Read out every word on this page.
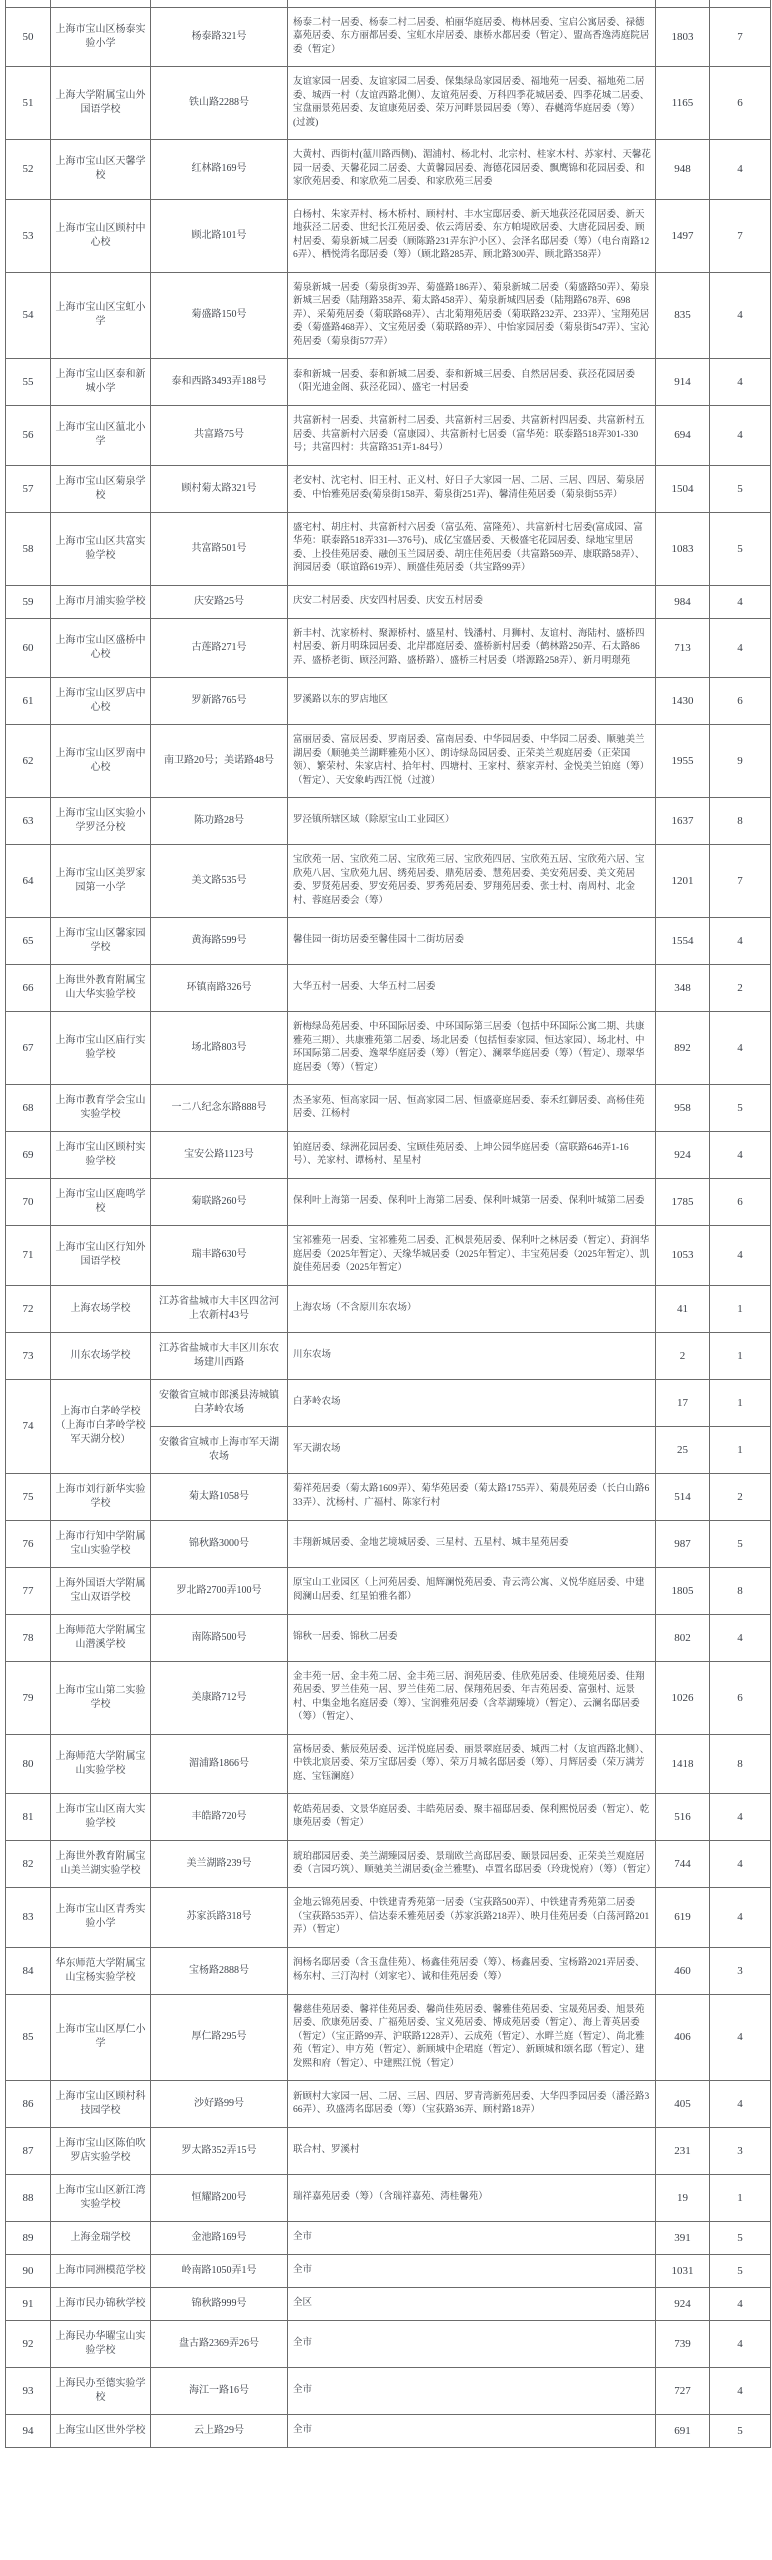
50	上海市宝山区杨泰实验小学	杨泰路321号	杨泰二村一居委、杨泰二村二居委、柏丽华庭居委、梅林居委、宝启公寓居委、禄德嘉苑居委、东方丽都居委、宝虹水岸居委、康桥水都居委（暂定）、盟高香逸湾庭院居委（暂定）	1803	7
51	上海大学附属宝山外国语学校	铁山路2288号	友谊家园一居委、友谊家园二居委、保集绿岛家园居委、福地苑一居委、福地苑二居委、城西一村（友谊西路北侧）、友谊苑居委、万科四季花城居委、四季花城二居委、宝盘丽景苑居委、友谊康苑居委、荣万河畔景园居委（筹）、春樾湾华庭居委（筹）(过渡)	1165	6
52	上海市宝山区天馨学校	红林路169号	大黄村、西街村(蕰川路西侧)、湄浦村、杨北村、北宗村、桂家木村、苏家村、天馨花园一居委、天馨花园二居委、大黄馨园居委、海德花园居委、飘鹰锦和花园居委、和家欣苑居委、和家欣苑二居委、和家欣苑三居委	948	4
53	上海市宝山区顾村中心校	顾北路101号	白杨村、朱家弄村、杨木桥村、顾村村、丰水宝邸居委、新天地荻泾花园居委、新天地荻泾二居委、世纪长江苑居委、依云湾居委、东方帕堤欧居委、大唐花园居委、顾村居委、菊泉新城二居委（顾陈路231弄东沪小区）、会泽名邸居委（筹）（电台南路126弄）、栖悦湾名邸居委（筹）（顾北路285弄、顾北路300弄、顾北路358弄）	1497	7
54	上海市宝山区宝虹小学	菊盛路150号	菊泉新城一居委（菊泉街39弄、菊盛路186弄）、菊泉新城二居委（菊盛路50弄）、菊泉新城三居委（陆翔路358弄、菊太路458弄）、菊泉新城四居委（陆翔路678弄、698弄）、采菊苑居委（菊联路68弄）、古北菊翔苑居委（菊联路232弄、233弄）、宝翔苑居委（菊盛路468弄）、文宝苑居委（菊联路89弄）、中怡家园居委（菊泉街547弄）、宝沁苑居委（菊泉街577弄）	835	4
55	上海市宝山区泰和新城小学	泰和西路3493弄188号	泰和新城一居委、泰和新城二居委、泰和新城三居委、自然居居委、荻泾花园居委（阳光迪金阁、荻泾花园）、盛宅一村居委	914	4
56	上海市宝山区蕰北小学	共富路75号	共富新村一居委、共富新村二居委、共富新村三居委、共富新村四居委、共富新村五居委、共富新村六居委（富康园）、共富新村七居委（富华苑：联泰路518弄301-330号；共富四村：共富路351弄1-84号）	694	4
57	上海市宝山区菊泉学校	顾村菊太路321号	老安村、沈宅村、旧王村、正义村、好日子大家园一居、二居、三居、四居、菊泉居委、中怡雅苑居委(菊泉街158弄、菊泉街251弄)、馨清佳苑居委（菊泉街55弄）	1504	5
58	上海市宝山区共富实验学校	共富路501号	盛宅村、胡庄村、共富新村六居委（富弘苑、富隆苑）、共富新村七居委(富成园、富华苑：联泰路518弄331—376号)、成亿宝盛居委、天极盛宅花园居委、绿地宝里居委、上投佳苑居委、融创玉兰园居委、胡庄佳苑居委（共富路569弄、康联路58弄）、润园居委（联谊路619弄）、顾盛佳苑居委（共宝路99弄）	1083	5
59	上海市月浦实验学校	庆安路25号	庆安二村居委、庆安四村居委、庆安五村居委	984	4
60	上海市宝山区盛桥中心校	古莲路271号	新丰村、沈家桥村、聚源桥村、盛星村、钱潘村、月狮村、友谊村、海陆村、盛桥四村居委、新月明珠园居委、北岸郡庭居委、盛桥新村居委（鹤林路250弄、石太路86弄、盛桥老街、顾泾河路、盛桥路）、盛桥三村居委（塔源路258弄）、新月明璟苑	713	4
61	上海市宝山区罗店中心校	罗新路765号	罗溪路以东的罗店地区	1430	6
62	上海市宝山区罗南中心校	南卫路20号；美诺路48号	富丽居委、富辰居委、罗南居委、富南居委、中华园居委、中华园二居委、顺驰美兰湖居委（顺驰美兰湖畔雅苑小区）、朗诗绿岛园居委、正荣美兰观庭居委（正荣国领）、繁荣村、朱家店村、拾年村、四塘村、王家村、蔡家弄村、金悦美兰铂庭（筹）（暂定）、天安象屿西江悦（过渡）	1955	9
63	上海市宝山区实验小学罗泾分校	陈功路28号	罗泾镇所辖区域（除原宝山工业园区）	1637	8
64	上海市宝山区美罗家园第一小学	美文路535号	宝欣苑一居、宝欣苑二居、宝欣苑三居、宝欣苑四居、宝欣苑五居、宝欣苑六居、宝欣苑八居、宝欣苑九居、绣苑居委、鼎苑居委、慧苑居委、美安苑居委、美文苑居委、罗贤苑居委、罗安苑居委、罗秀苑居委、罗翔苑居委、张士村、南周村、北金村、蓉庭居委会（筹）	1201	7
65	上海市宝山区馨家园学校	黄海路599号	馨佳园一街坊居委至馨佳园十二街坊居委	1554	4
66	上海世外教育附属宝山大华实验学校	环镇南路326号	大华五村一居委、大华五村二居委	348	2
67	上海市宝山区庙行实验学校	场北路803号	新梅绿岛苑居委、中环国际居委、中环国际第三居委（包括中环国际公寓二期、共康雅苑三期）、共康雅苑第二居委、场北居委（包括恒泰家园、恒达家园）、场北村、中环国际第二居委、逸翠华庭居委（筹）（暂定）、澜翠华庭居委（筹）（暂定）、璟翠华庭居委（筹）（暂定）	892	4
68	上海市教育学会宝山实验学校	一二八纪念东路888号	杰圣家苑、恒高家园一居、恒高家园二居、恒盛豪庭居委、泰禾红御居委、高杨佳苑居委、江杨村	958	5
69	上海市宝山区顾村实验学校	宝安公路1123号	铂庭居委、绿洲花园居委、宝顾佳苑居委、上坤公园华庭居委（富联路646弄1-16号）、羌家村、谭杨村、星星村	924	4
70	上海市宝山区鹿鸣学校	菊联路260号	保利叶上海第一居委、保利叶上海第二居委、保利叶城第一居委、保利叶城第二居委	1785	6
71	上海市宝山区行知外国语学校	瑞丰路630号	宝祁雅苑一居委、宝祁雅苑二居委、汇枫景苑居委、保利叶之林居委（暂定）、葑润华庭居委（2025年暂定）、天缘华城居委（2025年暂定）、丰宝苑居委（2025年暂定）、凯旋佳苑居委（2025年暂定）	1053	4
72	上海农场学校	江苏省盐城市大丰区四岔河上农新村43号	上海农场（不含原川东农场）	41	1
73	川东农场学校	江苏省盐城市大丰区川东农场建川西路	川东农场	2	1
74	上海市白茅岭学校（上海市白茅岭学校军天湖分校）	安徽省宣城市郎溪县涛城镇白茅岭农场	白茅岭农场	17	1
		安徽省宣城市上海市军天湖农场	军天湖农场	25	1
75	上海市刘行新华实验学校	菊太路1058号	菊祥苑居委（菊太路1609弄）、菊华苑居委（菊太路1755弄）、菊晨苑居委（长白山路633弄）、沈杨村、广福村、陈家行村	514	2
76	上海市行知中学附属宝山实验学校	锦秋路3000号	丰翔新城居委、金地艺境城居委、三星村、五星村、城丰星苑居委	987	5
77	上海外国语大学附属宝山双语学校	罗北路2700弄100号	原宝山工业园区（上河苑居委、旭辉澜悦苑居委、青云湾公寓、义悦华庭居委、中建阅澜山居委、红星铂雅名都）	1805	8
78	上海师范大学附属宝山潜溪学校	南陈路500号	锦秋一居委、锦秋二居委	802	4
79	上海市宝山第二实验学校	美康路712号	金丰苑一居、金丰苑二居、金丰苑三居、润苑居委、佳欣苑居委、佳境苑居委、佳翔苑居委、罗兰佳苑一居、罗兰佳苑二居、保翔苑居委、年吉苑居委、富强村、远景村、中集金地名庭居委（筹）、宝润雅苑居委（含萃湖臻境）（暂定）、云澜名邸居委（筹）（暂定）、	1026	6
80	上海师范大学附属宝山实验学校	湄浦路1866号	富杨居委、紫辰苑居委、远洋悦庭居委、丽景翠庭居委、城西二村（友谊西路北侧）、中铁北宸居委、荣万宝邸居委（筹）、荣万月城名邸居委（筹）、月辉居委（荣万满芳庭、宝钰澜庭）	1418	8
81	上海市宝山区南大实验学校	丰皓路720号	乾皓苑居委、文景华庭居委、丰皓苑居委、聚丰福邸居委、保利熙悦居委（暂定）、乾康苑居委（暂定）	516	4
82	上海世外教育附属宝山美兰湖实验学校	美兰湖路239号	琥珀郡园居委、美兰湖臻园居委、景瑞欧兰高邸居委、颐景园居委、正荣美兰观庭居委（言园巧筑）、顺驰美兰湖居委(金兰雅墅)、卓置名邸居委（玲珑悦府）（筹）（暂定）	744	4
83	上海市宝山区青秀实验小学	苏家浜路318号	金地云锦苑居委、中铁建青秀苑第一居委（宝荻路500弄）、中铁建青秀苑第二居委（宝荻路535弄）、信达泰禾雅苑居委（苏家浜路218弄）、映月佳苑居委（白荡河路201弄）（暂定）	619	4
84	华东师范大学附属宝山宝杨实验学校	宝杨路2888号	润杨名邸居委（含玉盘佳苑）、杨鑫佳苑居委（筹）、杨鑫居委、宝杨路2021弄居委、杨东村、三汀沟村（刘家宅）、诚和佳苑居委（筹）	460	3
85	上海市宝山区厚仁小学	厚仁路295号	馨慈佳苑居委、馨祥佳苑居委、馨尚佳苑居委、馨雅佳苑居委、宝晟苑居委、旭景苑居委、欣康苑居委、广福苑居委、宝义苑居委、博成苑居委（暂定）、海上菁英居委（暂定）（宝正路99弄、沪联路1228弄）、云成苑（暂定）、水畔兰庭（暂定）、尚北雅苑（暂定）、申方苑（暂定）、新顾城中企珺庭（暂定）、新顾城和颂名邸（暂定）、建发熙和府（暂定）、中建熙江悦（暂定）	406	4
86	上海市宝山区顾村科技园学校	沙好路99号	新顾村大家园一居、二居、三居、四居、罗青湾新苑居委、大华四季园居委（潘泾路366弄）、玖盛湾名邸居委（筹）（宝荻路36弄、顾村路18弄）	405	4
87	上海市宝山区陈伯吹罗店实验学校	罗太路352弄15号	联合村、罗溪村	231	3
88	上海市宝山区新江湾实验学校	恒耀路200号	瑞祥嘉苑居委（筹）（含瑞祥嘉苑、湾桂馨苑）	19	1
89	上海金瑞学校	金池路169号	全市	391	5
90	上海市同洲模范学校	岭南路1050弄1号	全市	1031	5
91	上海市民办锦秋学校	锦秋路999号	全区	924	4
92	上海民办华曜宝山实验学校	盘古路2369弄26号	全市	739	4
93	上海民办至德实验学校	海江一路16号	全市	727	4
94	上海宝山区世外学校	云上路29号	全市	691	5
